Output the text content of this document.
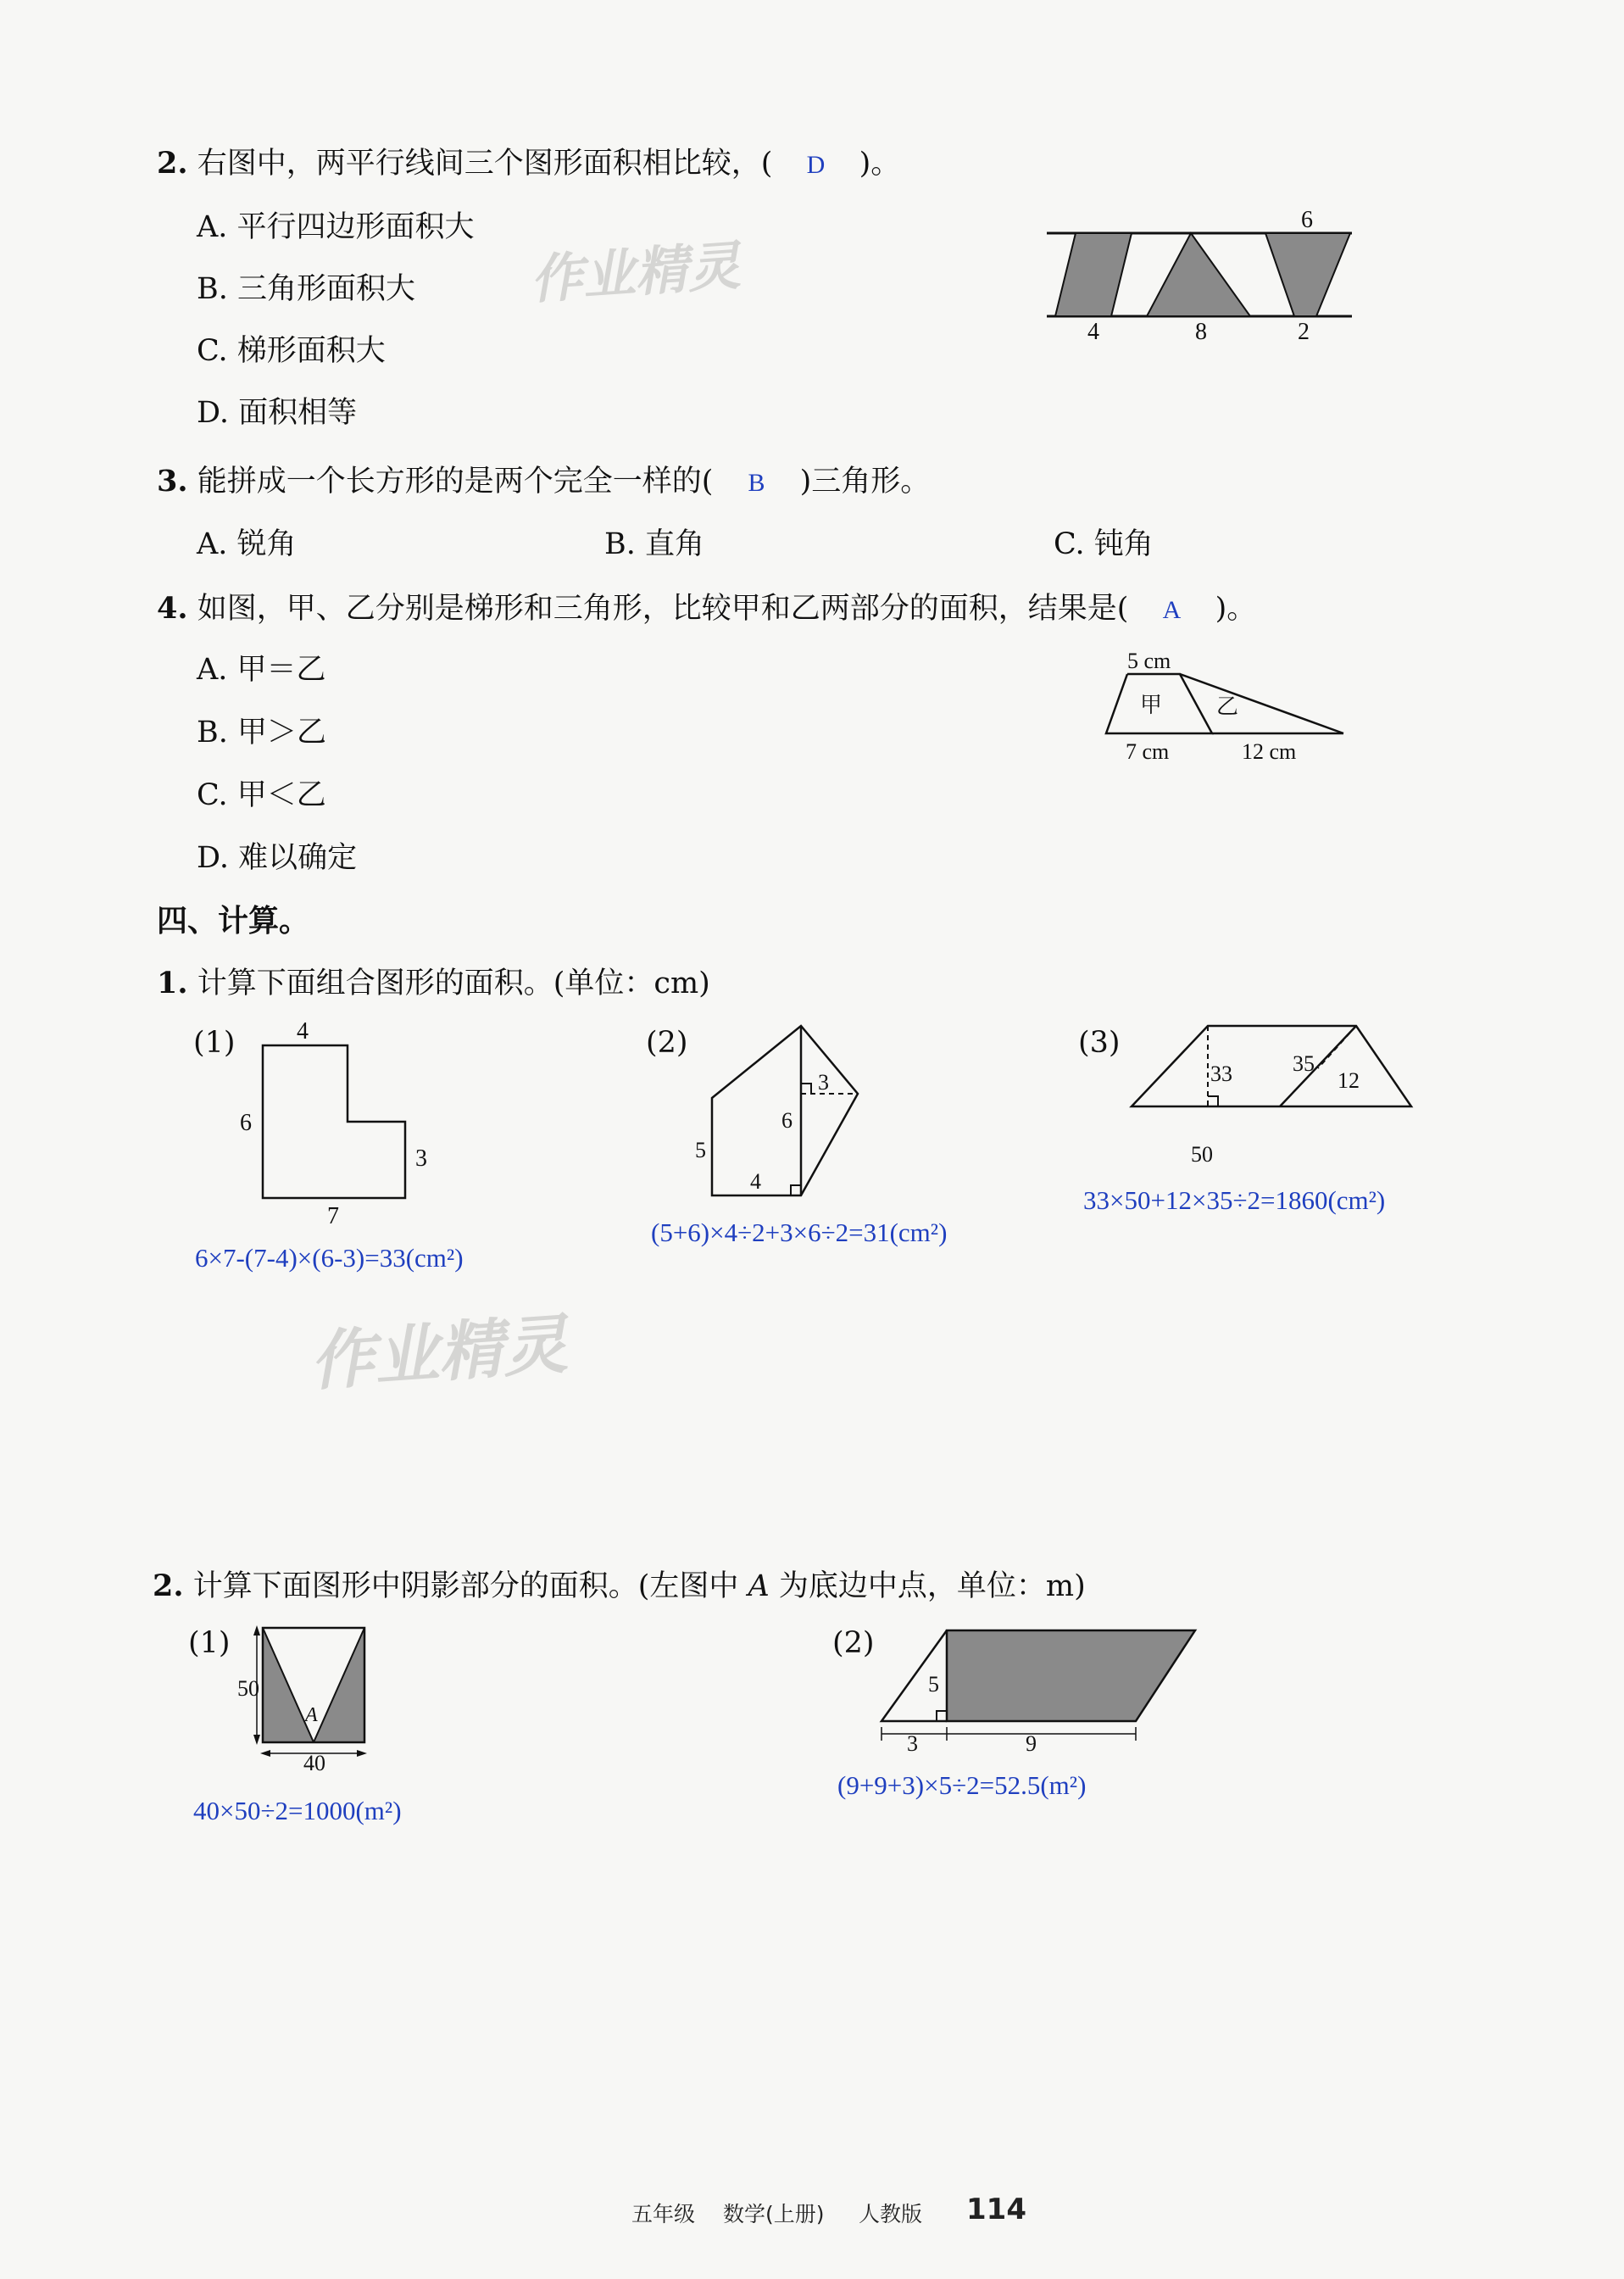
2. 右图中，两平行线间三个图形面积相比较，( D )。
A. 平行四边形面积大
B. 三角形面积大
C. 梯形面积大
D. 面积相等
6
4	8	2
作业精灵
3. 能拼成一个长方形的是两个完全一样的( B )三角形。
A. 锐角	B. 直角	C. 钝角
4. 如图，甲、乙分别是梯形和三角形，比较甲和乙两部分的面积，结果是( A )。
A. 甲＝乙
B. 甲＞乙
C. 甲＜乙
D. 难以确定
5 cm
甲 乙
7 cm	12 cm
四、计算。
1. 计算下面组合图形的面积。(单位：cm)
(1)	4
6
3
7
6×7-(7-4)×(6-3)=33(cm²)
(2)
3
6
5
4
(5+6)×4÷2+3×6÷2=31(cm²)
(3)
33	35
12
50
33×50+12×35÷2=1860(cm²)
作业精灵
2. 计算下面图形中阴影部分的面积。(左图中 A 为底边中点，单位：m)
(1)
50
A
40
40×50÷2=1000(m²)
(2)
5
3	9
(9+9+3)×5÷2=52.5(m²)
五年级 数学(上册) 人教版 114
